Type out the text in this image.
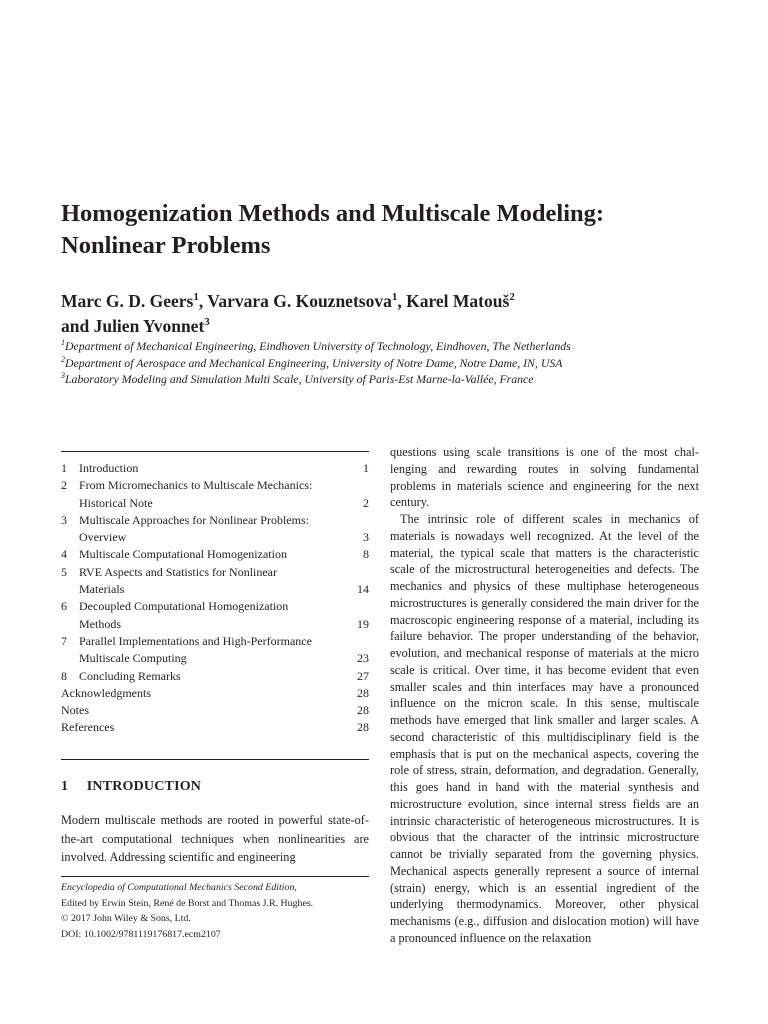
Homogenization Methods and Multiscale Modeling:
Nonlinear Problems
Marc G. D. Geers$^1$, Varvara G. Kouznetsova$^1$, Karel Matouš$^2$
and Julien Yvonnet$^3$
$^1$Department of Mechanical Engineering, Eindhoven University of Technology, Eindhoven, The Netherlands
$^2$Department of Aerospace and Mechanical Engineering, University of Notre Dame, Notre Dame, IN, USA
$^3$Laboratory Modeling and Simulation Multi Scale, University of Paris-Est Marne-la-Vallée, France
1	Introduction	1
2	From Micromechanics to Multiscale Mechanics:
Historical Note	2
3	Multiscale Approaches for Nonlinear Problems:
Overview	3
4	Multiscale Computational Homogenization	8
5	RVE Aspects and Statistics for Nonlinear
Materials	14
6	Decoupled Computational Homogenization
Methods	19
7	Parallel Implementations and High-Performance
Multiscale Computing	23
8	Concluding Remarks	27
Acknowledgments	28
Notes	28
References	28
1 INTRODUCTION

Modern multiscale methods are rooted in powerful state-of-the-art computational techniques when nonlinearities are involved. Addressing scientific and engineering

Encyclopedia of Computational Mechanics Second Edition,
Edited by Erwin Stein, René de Borst and Thomas J.R. Hughes.
© 2017 John Wiley & Sons, Ltd.
DOI: 10.1002/9781119176817.ecm2107

questions using scale transitions is one of the most challenging and rewarding routes in solving fundamental problems in materials science and engineering for the next century.

The intrinsic role of different scales in mechanics of materials is nowadays well recognized. At the level of the material, the typical scale that matters is the characteristic scale of the microstructural heterogeneities and defects. The mechanics and physics of these multiphase heterogeneous microstructures is generally considered the main driver for the macroscopic engineering response of a material, including its failure behavior. The proper understanding of the behavior, evolution, and mechanical response of materials at the micro scale is critical. Over time, it has become evident that even smaller scales and thin interfaces may have a pronounced influence on the micron scale. In this sense, multiscale methods have emerged that link smaller and larger scales. A second characteristic of this multidisciplinary field is the emphasis that is put on the mechanical aspects, covering the role of stress, strain, deformation, and degradation. Generally, this goes hand in hand with the material synthesis and microstructure evolution, since internal stress fields are an intrinsic characteristic of heterogeneous microstructures. It is obvious that the character of the intrinsic microstructure cannot be trivially separated from the governing physics. Mechanical aspects generally represent a source of internal (strain) energy, which is an essential ingredient of the underlying thermodynamics. Moreover, other physical mechanisms (e.g., diffusion and dislocation motion) will have a pronounced influence on the relaxation
